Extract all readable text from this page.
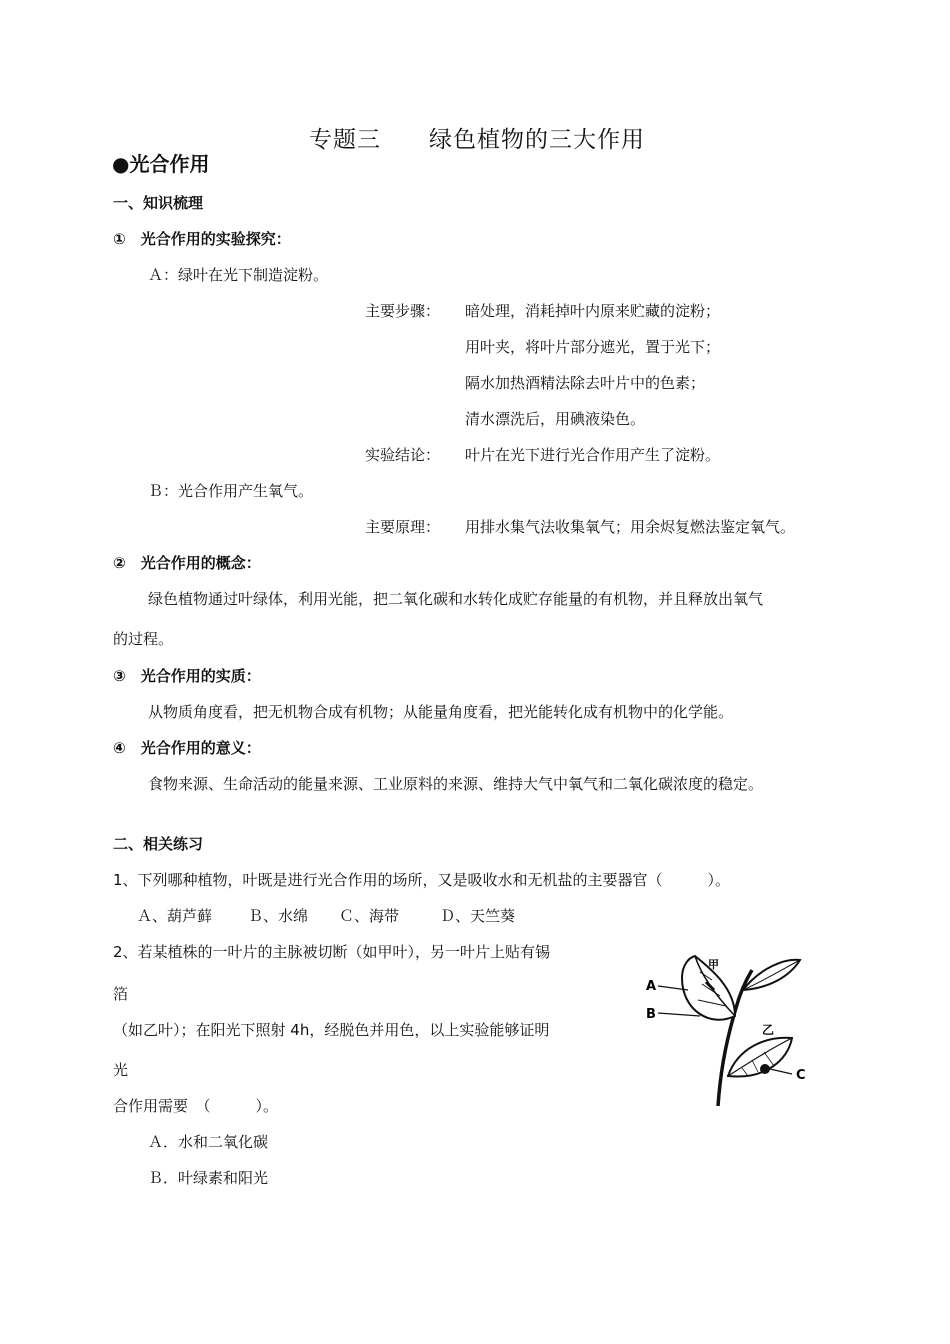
专题三　　绿色植物的三大作用
●光合作用
一、知识梳理
①　光合作用的实验探究：
Ａ：绿叶在光下制造淀粉。
主要步骤： 暗处理，消耗掉叶内原来贮藏的淀粉；
用叶夹，将叶片部分遮光，置于光下；
隔水加热酒精法除去叶片中的色素；
清水漂洗后，用碘液染色。
实验结论： 叶片在光下进行光合作用产生了淀粉。
Ｂ：光合作用产生氧气。
主要原理： 用排水集气法收集氧气；用余烬复燃法鉴定氧气。
②　光合作用的概念：
绿色植物通过叶绿体，利用光能，把二氧化碳和水转化成贮存能量的有机物，并且释放出氧气
的过程。
③　光合作用的实质：
从物质角度看，把无机物合成有机物；从能量角度看，把光能转化成有机物中的化学能。
④　光合作用的意义：
食物来源、生命活动的能量来源、工业原料的来源、维持大气中氧气和二氧化碳浓度的稳定。
二、相关练习
1、下列哪种植物，叶既是进行光合作用的场所，又是吸收水和无机盐的主要器官（　　　）。
Ａ、葫芦藓 Ｂ、水绵 Ｃ、海带	Ｄ、天竺葵
2、若某植株的一叶片的主脉被切断（如甲叶），另一叶片上贴有锡
箔
（如乙叶）；在阳光下照射 4h，经脱色并用色，以上实验能够证明
光
合作用需要　（　　　）。
Ａ．水和二氧化碳
Ｂ．叶绿素和阳光
A
B
C
甲
乙
